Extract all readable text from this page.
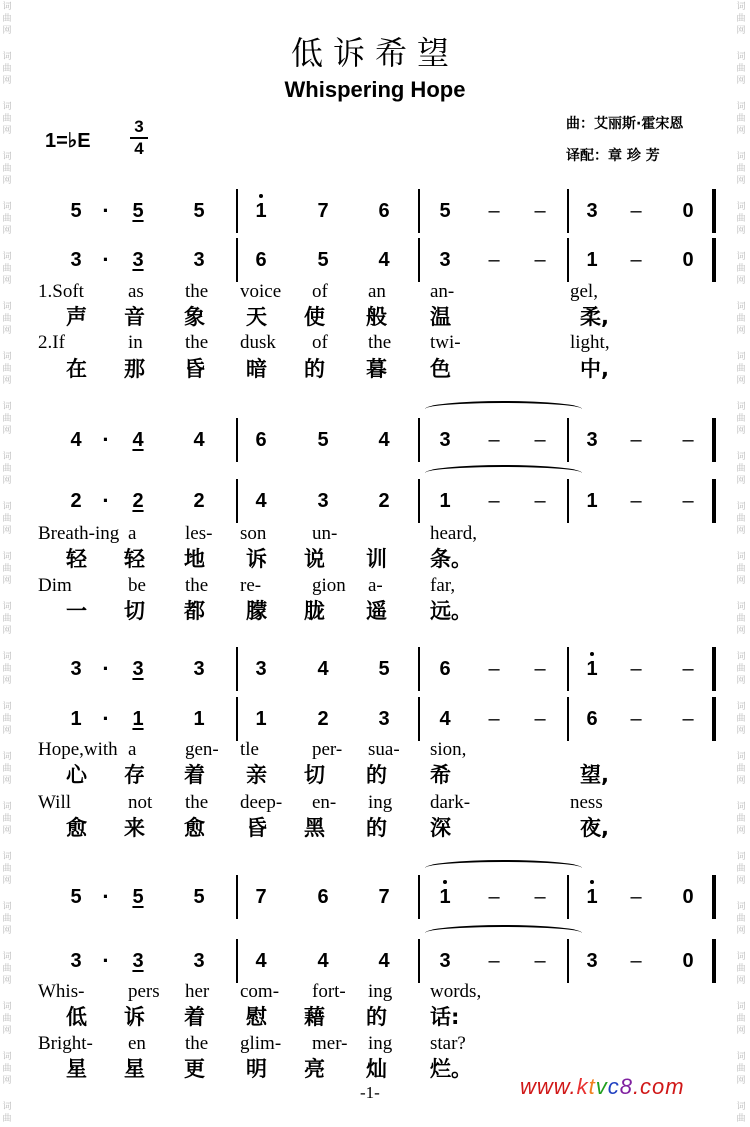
词
曲
网
词
曲
网
词
曲
网
词
曲
网
词
曲
网
词
曲
网
词
曲
网
词
曲
网
词
曲
网
词
曲
网
词
曲
网
词
曲
网
词
曲
网
词
曲
网
词
曲
网
词
曲
网
词
曲
网
词
曲
网
词
曲
网
词
曲
网
词
曲
网
词
曲
网
词
曲
词
曲
网
词
曲
网
词
曲
网
词
曲
网
词
曲
网
词
曲
网
词
曲
网
词
曲
网
词
曲
网
词
曲
网
词
曲
网
词
曲
网
词
曲
网
词
曲
网
词
曲
网
词
曲
网
词
曲
网
词
曲
网
词
曲
网
词
曲
网
词
曲
网
词
曲
网
词
曲
低诉希望
Whispering Hope
曲：艾丽斯·霍宋恩
译配：章 珍 芳
1=♭E
3
4
5 ·	5	5	1	7	6	5	–	–	3	–	0
3 ·	3	3	6	5	4	3	–	–	1	–	0
1.Soft as the voice of an an-	gel,
声 音 象 天 使 般 温	柔,
2.If	in the dusk of the twi-	light,
在 那 昏 暗 的 暮 色	中,
4 ·	4	4	6	5	4	3	–	–	3	–	–
2 ·	2	2	4	3	2	1	–	–	1	–	–
Breath-ing a	les- son un-	heard,
轻 轻 地 诉 说 训 条。
Dim	be the re-	gion a- far,
一 切 都 朦 胧 遥 远。
3 ·	3	3	3	4	5	6	–	–	1	–	–
1 ·	1	1	1	2	3	4	–	–	6	–	–
Hope,with a	gen- tle	per- sua- sion,
心 存 着 亲 切 的 希	望,
Will	not the deep- en- ing dark-	ness
愈 来 愈 昏 黑 的 深	夜,
5 ·	5	5	7	6	7	1	–	–	1	–	0
3 ·	3	3	4	4	4	3	–	–	3	–	0
Whis- pers her com- fort- ing words,
低 诉 着 慰 藉 的 话:
Bright- en the glim- mer- ing star?
星 星 更 明 亮 灿 烂。
-1-	www.ktvc8.com
